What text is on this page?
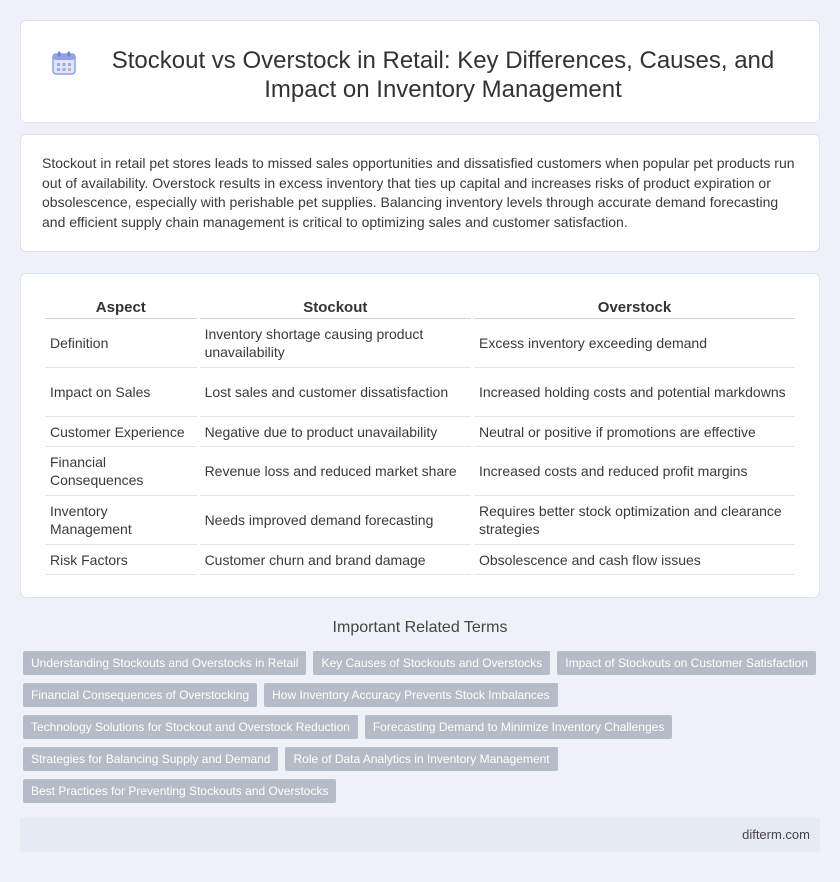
Stockout vs Overstock in Retail: Key Differences, Causes, and Impact on Inventory Management

Stockout in retail pet stores leads to missed sales opportunities and dissatisfied customers when popular pet products run out of availability. Overstock results in excess inventory that ties up capital and increases risks of product expiration or obsolescence, especially with perishable pet supplies. Balancing inventory levels through accurate demand forecasting and efficient supply chain management is critical to optimizing sales and customer satisfaction.

Aspect	Stockout	Overstock
Definition	Inventory shortage causing product unavailability	Excess inventory exceeding demand
Impact on Sales	Lost sales and customer dissatisfaction	Increased holding costs and potential markdowns
Customer Experience	Negative due to product unavailability	Neutral or positive if promotions are effective
Financial Consequences	Revenue loss and reduced market share	Increased costs and reduced profit margins
Inventory Management	Needs improved demand forecasting	Requires better stock optimization and clearance strategies
Risk Factors	Customer churn and brand damage	Obsolescence and cash flow issues
Important Related Terms
Understanding Stockouts and Overstocks in Retail	Key Causes of Stockouts and Overstocks	Impact of Stockouts on Customer Satisfaction
Financial Consequences of Overstocking	How Inventory Accuracy Prevents Stock Imbalances
Technology Solutions for Stockout and Overstock Reduction	Forecasting Demand to Minimize Inventory Challenges
Strategies for Balancing Supply and Demand	Role of Data Analytics in Inventory Management
Best Practices for Preventing Stockouts and Overstocks
difterm.com
